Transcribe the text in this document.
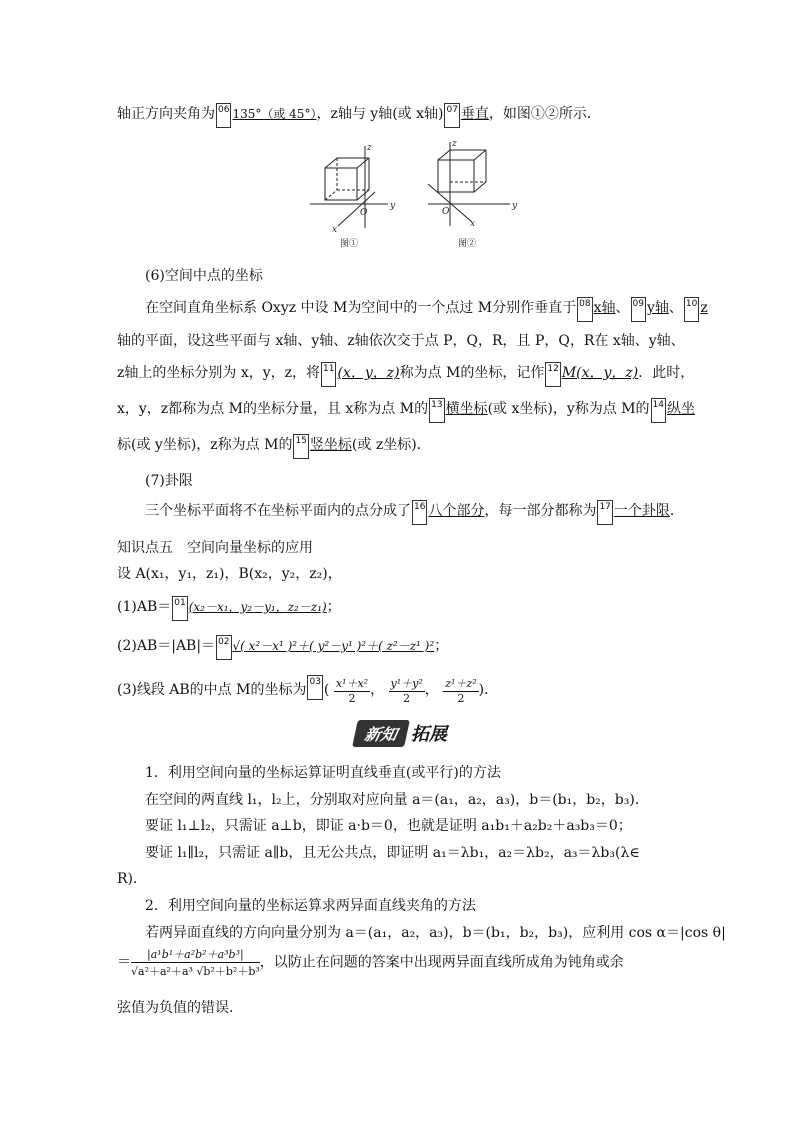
轴正方向夹角为 06 135°（或 45°），z轴与 y轴(或 x轴) 07 垂直，如图①②所示．
z
y
x
O
z
y
x
O
图①	图②
(6)空间中点的坐标
在空间直角坐标系 Oxyz 中设 M为空间中的一个点过 M分别作垂直于 08 x轴、 09 y轴、 10 z
轴的平面，设这些平面与 x轴、y轴、z轴依次交于点 P，Q，R，且 P，Q，R在 x轴、y轴、
z轴上的坐标分别为 x，y，z，将 11 (x，y，z)称为点 M的坐标，记作 12 M(x，y，z)．此时，
x，y，z都称为点 M的坐标分量，且 x称为点 M的 13 横坐标(或 x坐标)，y称为点 M的 14 纵坐
标(或 y坐标)，z称为点 M的 15 竖坐标(或 z坐标)．
(7)卦限
三个坐标平面将不在坐标平面内的点分成了 16 八个部分，每一部分都称为 17 一个卦限．
知识点五　空间向量坐标的应用
设 A(x₁，y₁，z₁)，B(x₂，y₂，z₂)，
(1)AB＝ 01 (x₂－x₁，y₂－y₁，z₂－z₁)；
(2)AB＝|AB|＝ 02 √( x²－x¹ )²＋( y²－y¹ )²＋( z²－z¹ )²；
(3)线段 AB的中点 M的坐标为 03 ( $\frac{\text{x¹＋x²}}{2}$ ， $\frac{\text{y¹＋y²}}{2}$ ， $\frac{\text{z¹＋z²}}{2}$ )．
新知 拓展
1．利用空间向量的坐标运算证明直线垂直(或平行)的方法
在空间的两直线 l₁，l₂上，分别取对应向量 a＝(a₁，a₂，a₃)，b＝(b₁，b₂，b₃)．
要证 l₁⊥l₂，只需证 a⊥b，即证 a·b＝0，也就是证明 a₁b₁＋a₂b₂＋a₃b₃＝0；
要证 l₁∥l₂，只需证 a∥b，且无公共点，即证明 a₁＝λb₁，a₂＝λb₂，a₃＝λb₃(λ∈
R)．
2．利用空间向量的坐标运算求两异面直线夹角的方法
若两异面直线的方向向量分别为 a＝(a₁，a₂，a₃)，b＝(b₁，b₂，b₃)，应利用 cos α＝|cos θ|
＝ $\frac{\text{|a¹b¹＋a²b²＋a³b³|}}{\text{√a²＋a²＋a³ √b²＋b²＋b³}}$ ，以防止在问题的答案中出现两异面直线所成角为钝角或余
弦值为负值的错误．
